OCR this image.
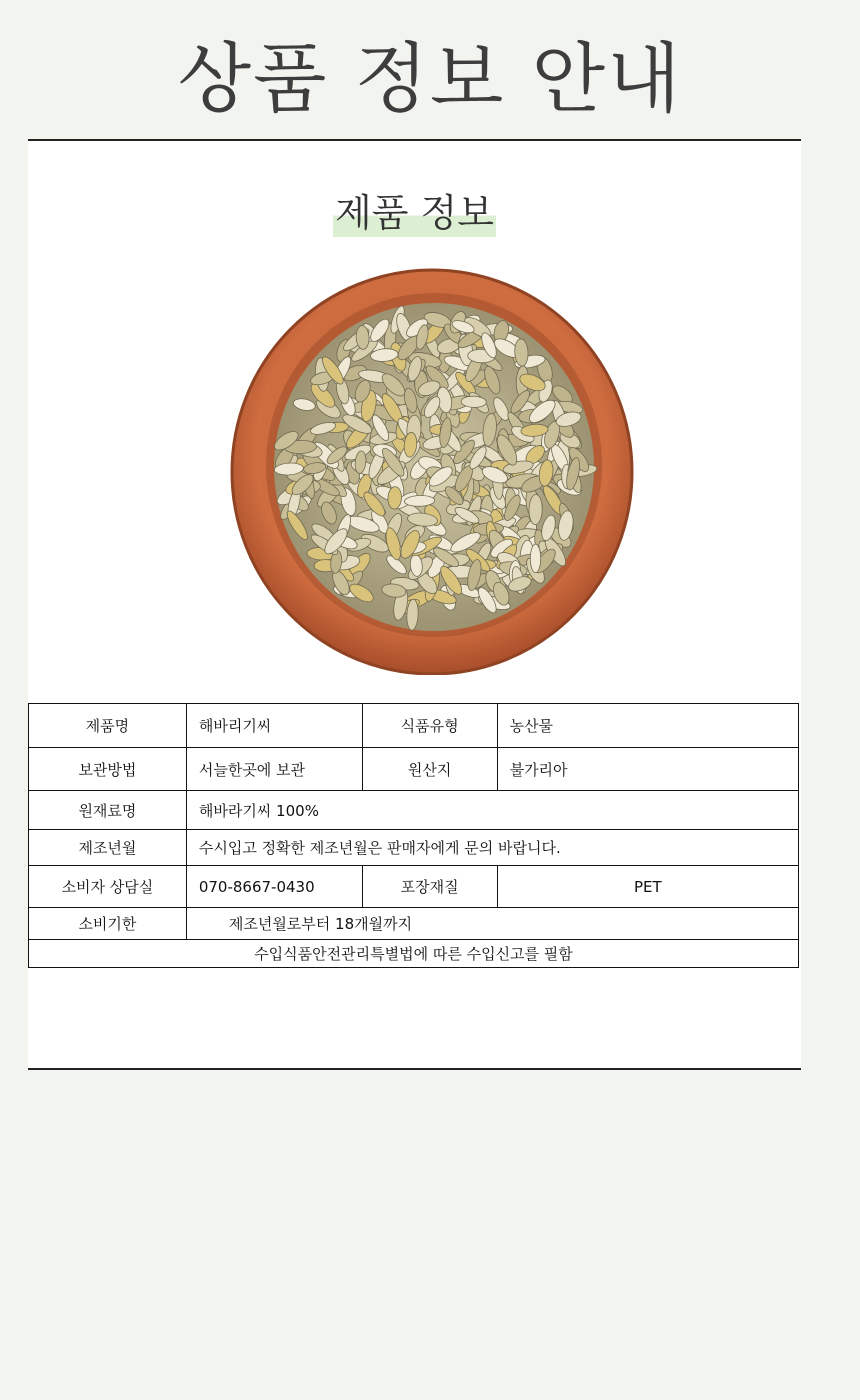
상품 정보 안내
제품 정보
제품명	해바리기씨	식품유형	농산물
보관방법	서늘한곳에 보관	원산지	불가리아
원재료명	해바라기씨 100%		
제조년월	수시입고 정확한 제조년월은 판매자에게 문의 바랍니다.		
소비자 상담실	070-8667-0430	포장재질	PET
소비기한	제조년월로부터 18개월까지		
수입식품안전관리특별법에 따른 수입신고를 필함			
